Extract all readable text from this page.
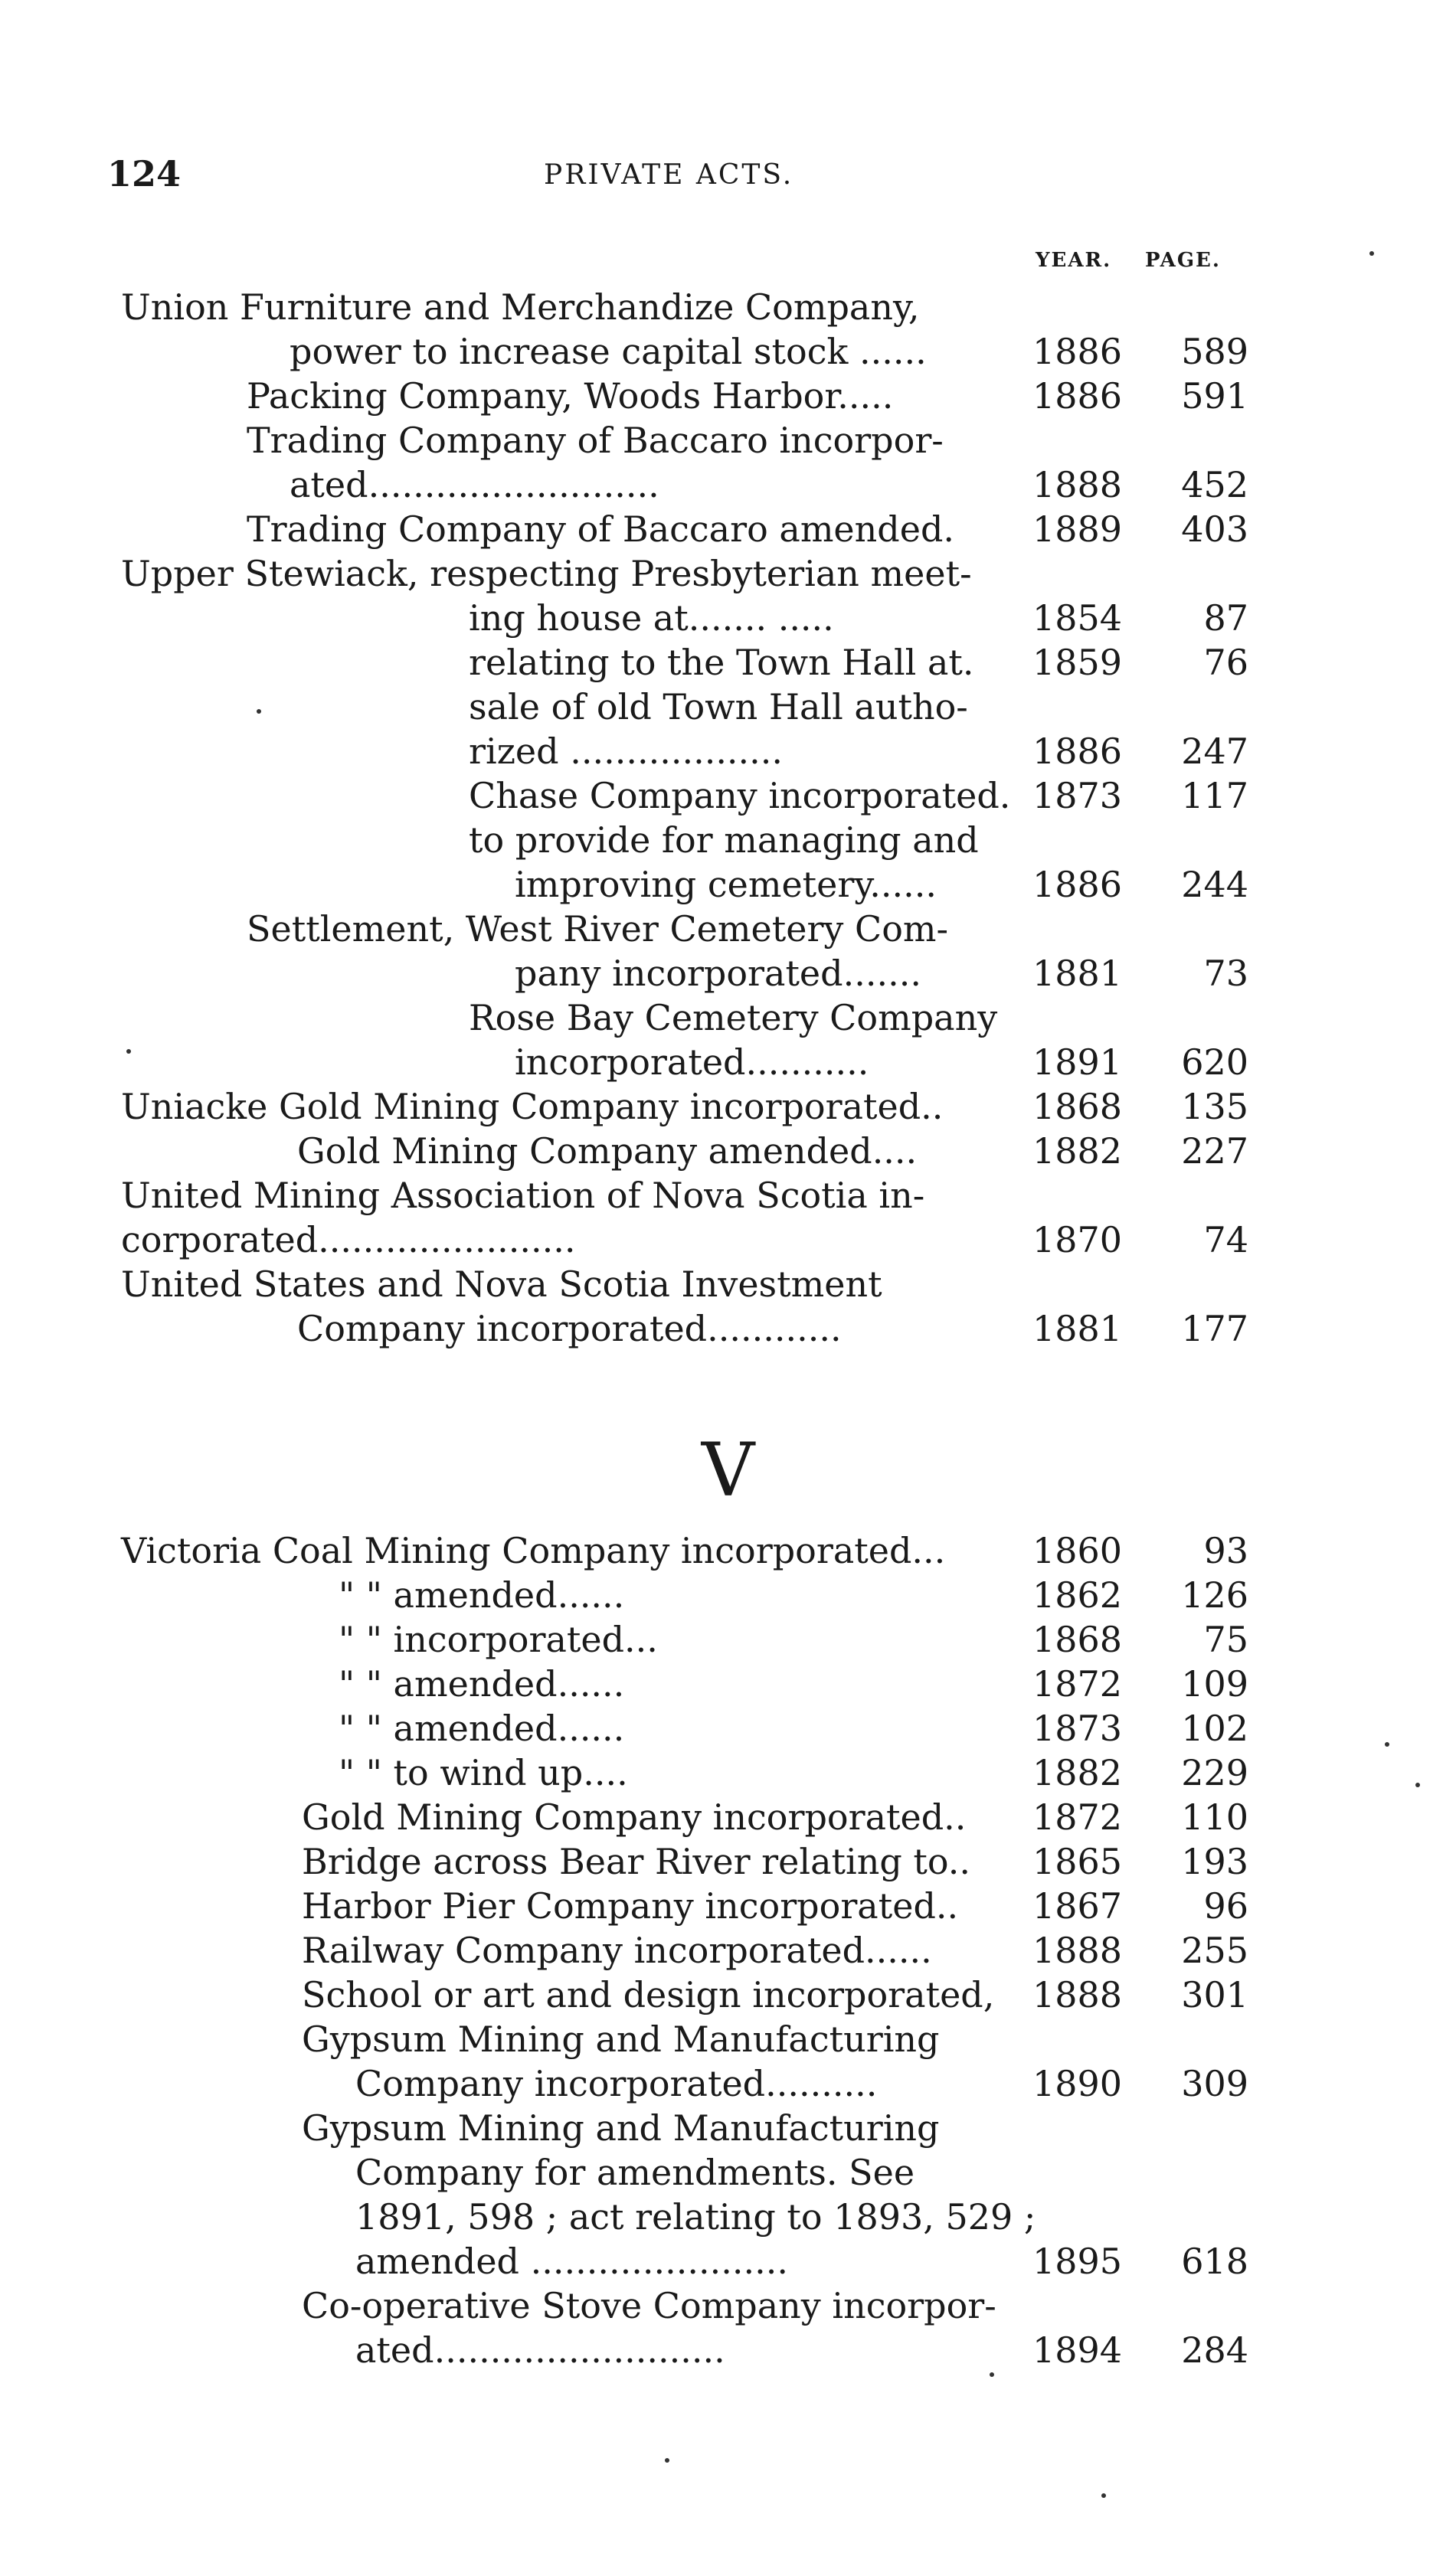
124	PRIVATE ACTS.
YEAR. PAGE.
Union Furniture and Merchandize Company,
power to increase capital stock ......	1886	589
Packing Company, Woods Harbor.....	1886	591
Trading Company of Baccaro incorpor-
ated..........................	1888	452
Trading Company of Baccaro amended. 1889	403
Upper Stewiack, respecting Presbyterian meet-
ing house at....... .....	1854	87
relating to the Town Hall at. 1859	76
sale of old Town Hall autho-
rized ...................	1886	247
Chase Company incorporated. 1873	117
to provide for managing and
improving cemetery......	1886	244
Settlement, West River Cemetery Com-
pany incorporated.......	1881	73
Rose Bay Cemetery Company
incorporated...........	1891	620
Uniacke Gold Mining Company incorporated..	1868	135
Gold Mining Company amended....	1882	227
United Mining Association of Nova Scotia in-
corporated.......................	1870	74
United States and Nova Scotia Investment
Company incorporated............	1881	177
V
Victoria Coal Mining Company incorporated... 1860	93
" " amended......	1862	126
" " incorporated...	1868	75
" " amended......	1872	109
" " amended......	1873	102
" " to wind up....	1882	229
Gold Mining Company incorporated.. 1872	110
Bridge across Bear River relating to.. 1865	193
Harbor Pier Company incorporated.. 1867	96
Railway Company incorporated......	1888	255
School or art and design incorporated, 1888	301
Gypsum Mining and Manufacturing
Company incorporated..........	1890	309
Gypsum Mining and Manufacturing
Company for amendments. See
1891, 598 ; act relating to 1893, 529 ;
amended .......................	1895	618
Co-operative Stove Company incorpor-
ated..........................	1894	284
